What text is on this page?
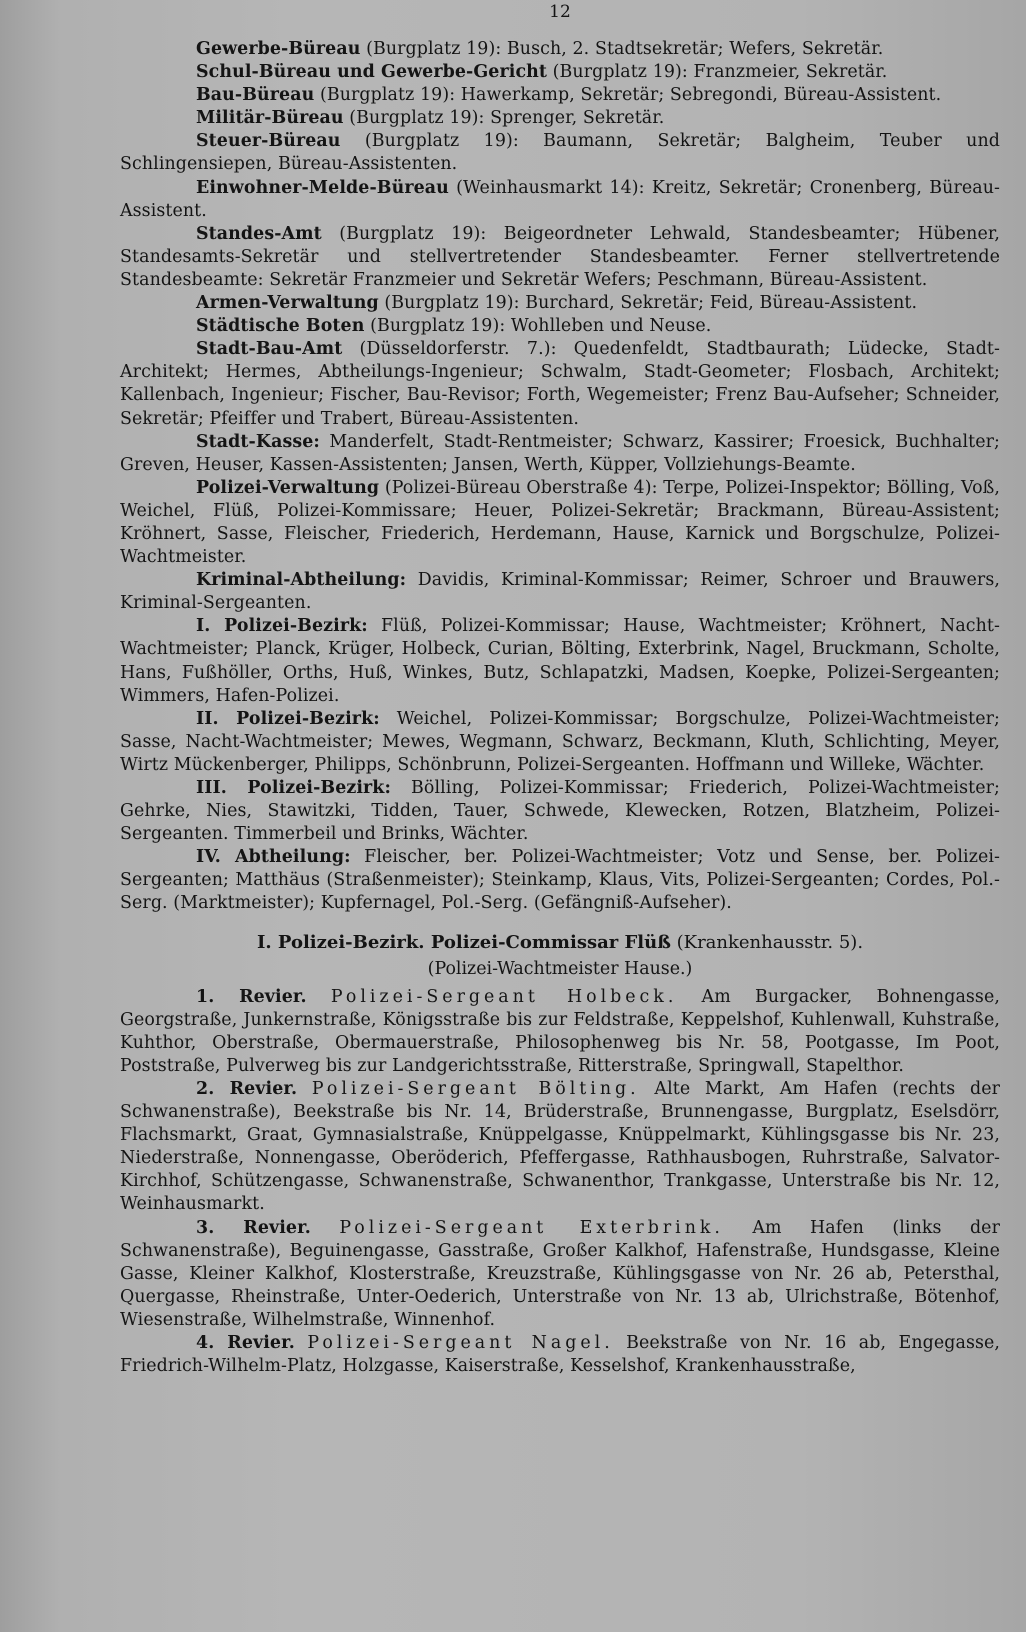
12

Gewerbe-Büreau (Burgplatz 19): Busch, 2. Stadtsekretär; Wefers, Sekretär.

Schul-Büreau und Gewerbe-Gericht (Burgplatz 19): Franzmeier, Sekretär.

Bau-Büreau (Burgplatz 19): Hawerkamp, Sekretär; Sebregondi, Büreau-Assistent.

Militär-Büreau (Burgplatz 19): Sprenger, Sekretär.

Steuer-Büreau (Burgplatz 19): Baumann, Sekretär; Balgheim, Teuber und Schlingensiepen, Büreau-Assistenten.

Einwohner-Melde-Büreau (Weinhausmarkt 14): Kreitz, Sekretär; Cronenberg, Büreau-Assistent.

Standes-Amt (Burgplatz 19): Beigeordneter Lehwald, Standesbeamter; Hübener, Standesamts-Sekretär und stellvertretender Standesbeamter. Ferner stellvertretende Standesbeamte: Sekretär Franzmeier und Sekretär Wefers; Peschmann, Büreau-Assistent.

Armen-Verwaltung (Burgplatz 19): Burchard, Sekretär; Feid, Büreau-Assistent.

Städtische Boten (Burgplatz 19): Wohlleben und Neuse.

Stadt-Bau-Amt (Düsseldorferstr. 7.): Quedenfeldt, Stadtbaurath; Lüdecke, Stadt-Architekt; Hermes, Abtheilungs-Ingenieur; Schwalm, Stadt-Geometer; Flosbach, Architekt; Kallenbach, Ingenieur; Fischer, Bau-Revisor; Forth, Wegemeister; Frenz Bau-Aufseher; Schneider, Sekretär; Pfeiffer und Trabert, Büreau-Assistenten.

Stadt-Kasse: Manderfelt, Stadt-Rentmeister; Schwarz, Kassirer; Froesick, Buchhalter; Greven, Heuser, Kassen-Assistenten; Jansen, Werth, Küpper, Vollziehungs-Beamte.

Polizei-Verwaltung (Polizei-Büreau Oberstraße 4): Terpe, Polizei-Inspektor; Bölling, Voß, Weichel, Flüß, Polizei-Kommissare; Heuer, Polizei-Sekretär; Brackmann, Büreau-Assistent; Kröhnert, Sasse, Fleischer, Friederich, Herdemann, Hause, Karnick und Borgschulze, Polizei-Wachtmeister.

Kriminal-Abtheilung: Davidis, Kriminal-Kommissar; Reimer, Schroer und Brauwers, Kriminal-Sergeanten.

I. Polizei-Bezirk: Flüß, Polizei-Kommissar; Hause, Wachtmeister; Kröhnert, Nacht-Wachtmeister; Planck, Krüger, Holbeck, Curian, Bölting, Exterbrink, Nagel, Bruckmann, Scholte, Hans, Fußhöller, Orths, Huß, Winkes, Butz, Schlapatzki, Madsen, Koepke, Polizei-Sergeanten; Wimmers, Hafen-Polizei.

II. Polizei-Bezirk: Weichel, Polizei-Kommissar; Borgschulze, Polizei-Wachtmeister; Sasse, Nacht-Wachtmeister; Mewes, Wegmann, Schwarz, Beckmann, Kluth, Schlichting, Meyer, Wirtz Mückenberger, Philipps, Schönbrunn, Polizei-Sergeanten. Hoffmann und Willeke, Wächter.

III. Polizei-Bezirk: Bölling, Polizei-Kommissar; Friederich, Polizei-Wachtmeister; Gehrke, Nies, Stawitzki, Tidden, Tauer, Schwede, Klewecken, Rotzen, Blatzheim, Polizei-Sergeanten. Timmerbeil und Brinks, Wächter.

IV. Abtheilung: Fleischer, ber. Polizei-Wachtmeister; Votz und Sense, ber. Polizei-Sergeanten; Matthäus (Straßenmeister); Steinkamp, Klaus, Vits, Polizei-Sergeanten; Cordes, Pol.-Serg. (Marktmeister); Kupfernagel, Pol.-Serg. (Gefängniß-Aufseher).

I. Polizei-Bezirk. Polizei-Commissar Flüß (Krankenhausstr. 5).

(Polizei-Wachtmeister Hause.)

1. Revier. Polizei-Sergeant Holbeck. Am Burgacker, Bohnengasse, Georgstraße, Junkernstraße, Königsstraße bis zur Feldstraße, Keppelshof, Kuhlenwall, Kuhstraße, Kuhthor, Oberstraße, Obermauerstraße, Philosophenweg bis Nr. 58, Pootgasse, Im Poot, Poststraße, Pulverweg bis zur Landgerichtsstraße, Ritterstraße, Springwall, Stapelthor.

2. Revier. Polizei-Sergeant Bölting. Alte Markt, Am Hafen (rechts der Schwanenstraße), Beekstraße bis Nr. 14, Brüderstraße, Brunnengasse, Burgplatz, Eselsdörr, Flachsmarkt, Graat, Gymnasialstraße, Knüppelgasse, Knüppelmarkt, Kühlingsgasse bis Nr. 23, Niederstraße, Nonnengasse, Oberöderich, Pfeffergasse, Rathhausbogen, Ruhrstraße, Salvator-Kirchhof, Schützengasse, Schwanenstraße, Schwanenthor, Trankgasse, Unterstraße bis Nr. 12, Weinhausmarkt.

3. Revier. Polizei-Sergeant Exterbrink. Am Hafen (links der Schwanenstraße), Beguinengasse, Gasstraße, Großer Kalkhof, Hafenstraße, Hundsgasse, Kleine Gasse, Kleiner Kalkhof, Klosterstraße, Kreuzstraße, Kühlingsgasse von Nr. 26 ab, Petersthal, Quergasse, Rheinstraße, Unter-Oederich, Unterstraße von Nr. 13 ab, Ulrichstraße, Bötenhof, Wiesenstraße, Wilhelmstraße, Winnenhof.

4. Revier. Polizei-Sergeant Nagel. Beekstraße von Nr. 16 ab, Engegasse, Friedrich-Wilhelm-Platz, Holzgasse, Kaiserstraße, Kesselshof, Krankenhausstraße,
